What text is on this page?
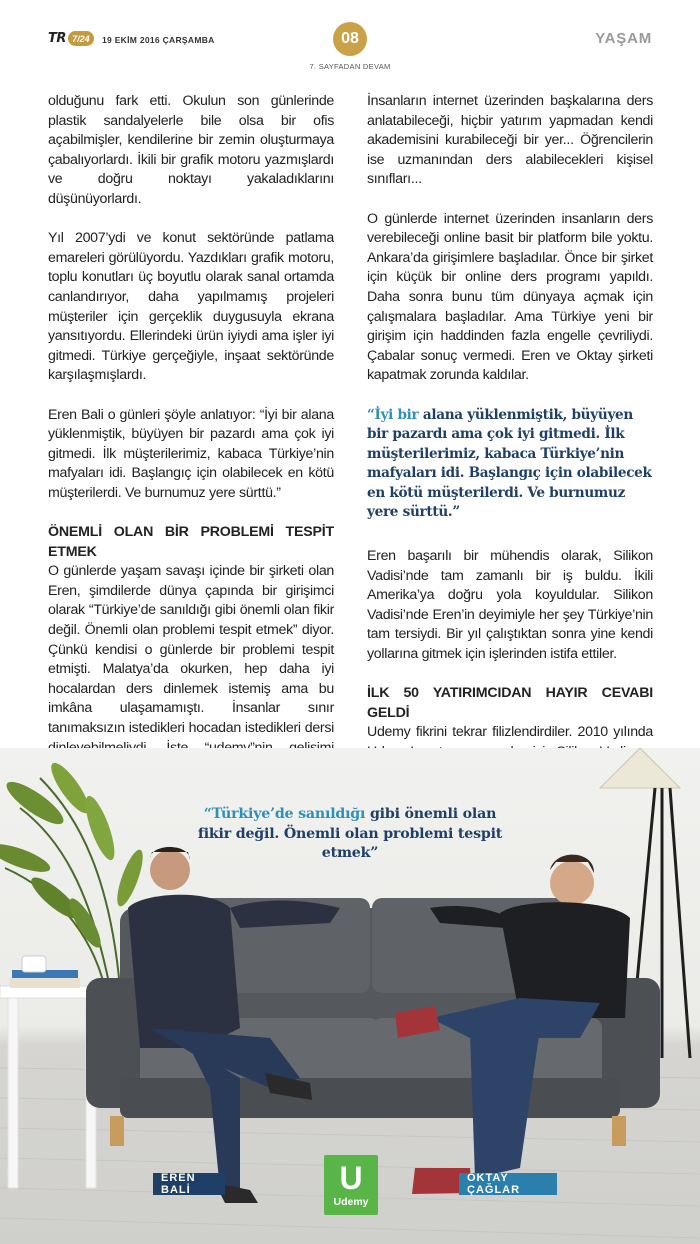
TR 7/24	19 EKİM 2016 ÇARŞAMBA	08
7. SAYFADAN DEVAM
YAŞAM

olduğunu fark etti. Okulun son günlerinde plastik sandalyelerle bile olsa bir ofis açabilmişler, kendilerine bir zemin oluşturmaya çabalıyorlardı. İkili bir grafik motoru yazmışlardı ve doğru noktayı yakaladıklarını düşünüyorlardı.

Yıl 2007’ydi ve konut sektöründe patlama emareleri görülüyordu. Yazdıkları grafik motoru, toplu konutları üç boyutlu olarak sanal ortamda canlandırıyor, daha yapılmamış projeleri müşteriler için gerçeklik duygusuyla ekrana yansıtıyordu. Ellerindeki ürün iyiydi ama işler iyi gitmedi. Türkiye gerçeğiyle, inşaat sektöründe karşılaşmışlardı.

Eren Bali o günleri şöyle anlatıyor: “İyi bir alana yüklenmiştik, büyüyen bir pazardı ama çok iyi gitmedi. İlk müşterilerimiz, kabaca Türkiye’nin mafyaları idi. Başlangıç için olabilecek en kötü müşterilerdi. Ve burnumuz yere sürttü.”

ÖNEMLİ OLAN BİR PROBLEMİ TESPİT ETMEK

O günlerde yaşam savaşı içinde bir şirketi olan Eren, şimdilerde dünya çapında bir girişimci olarak “Türkiye’de sanıldığı gibi önemli olan fikir değil. Önemli olan problemi tespit etmek” diyor. Çünkü kendisi o günlerde bir problemi tespit etmişti. Malatya’da okurken, hep daha iyi hocalardan ders dinlemek istemiş ama bu imkâna ulaşamamıştı. İnsanlar sınır tanımaksızın istedikleri hocadan istedikleri dersi

İnsanların internet üzerinden başkalarına ders anlatabileceği, hiçbir yatırım yapmadan kendi akademisini kurabileceği bir yer... Öğrencilerin ise uzmanından ders alabilecekleri kişisel sınıfları...

O günlerde internet üzerinden insanların ders verebileceği online basit bir platform bile yoktu. Ankara’da girişimlere başladılar. Önce bir şirket için küçük bir online ders programı yapıldı. Daha sonra bunu tüm dünyaya açmak için çalışmalara başladılar. Ama Türkiye yeni bir girişim için haddinden fazla engelle çevriliydi. Çabalar sonuç vermedi. Eren ve Oktay şirketi kapatmak zorunda kaldılar.

“İyi bir alana yüklenmiştik, büyüyen bir pazardı ama çok iyi gitmedi. İlk müşterilerimiz, kabaca Türkiye’nin mafyaları idi. Başlangıç için olabilecek en kötü müşterilerdi. Ve burnumuz yere sürttü.”

Eren başarılı bir mühendis olarak, Silikon Vadisi’nde tam zamanlı bir iş buldu. İkili Amerika’ya doğru yola koyuldular. Silikon Vadisi’nde Eren’in deyimiyle her şey Türkiye’nin tam tersiydi. Bir yıl çalıştıktan sonra yine kendi yollarına gitmek için işlerinden istifa ettiler.

İLK 50 YATIRIMCIDAN HAYIR CEVABI GELDİ

Udemy fikrini tekrar filizlendirdiler. 2010 yılında

“Türkiye’de sanıldığı gibi önemli olan fikir değil. Önemli olan problemi tespit etmek”
EREN BALİ	U
Udemy
OKTAY ÇAĞLAR
